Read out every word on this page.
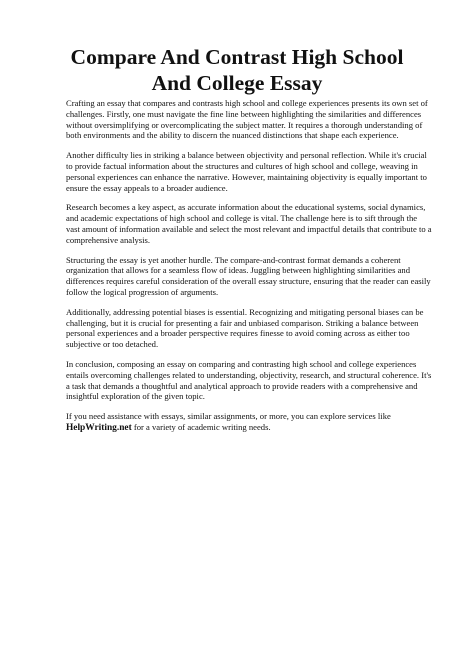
Compare And Contrast High School And College Essay

Crafting an essay that compares and contrasts high school and college experiences presents its own set of challenges. Firstly, one must navigate the fine line between highlighting the similarities and differences without oversimplifying or overcomplicating the subject matter. It requires a thorough understanding of both environments and the ability to discern the nuanced distinctions that shape each experience.

Another difficulty lies in striking a balance between objectivity and personal reflection. While it's crucial to provide factual information about the structures and cultures of high school and college, weaving in personal experiences can enhance the narrative. However, maintaining objectivity is equally important to ensure the essay appeals to a broader audience.

Research becomes a key aspect, as accurate information about the educational systems, social dynamics, and academic expectations of high school and college is vital. The challenge here is to sift through the vast amount of information available and select the most relevant and impactful details that contribute to a comprehensive analysis.

Structuring the essay is yet another hurdle. The compare-and-contrast format demands a coherent organization that allows for a seamless flow of ideas. Juggling between highlighting similarities and differences requires careful consideration of the overall essay structure, ensuring that the reader can easily follow the logical progression of arguments.

Additionally, addressing potential biases is essential. Recognizing and mitigating personal biases can be challenging, but it is crucial for presenting a fair and unbiased comparison. Striking a balance between personal experiences and a broader perspective requires finesse to avoid coming across as either too subjective or too detached.

In conclusion, composing an essay on comparing and contrasting high school and college experiences entails overcoming challenges related to understanding, objectivity, research, and structural coherence. It's a task that demands a thoughtful and analytical approach to provide readers with a comprehensive and insightful exploration of the given topic.

If you need assistance with essays, similar assignments, or more, you can explore services like
HelpWriting.net for a variety of academic writing needs.
